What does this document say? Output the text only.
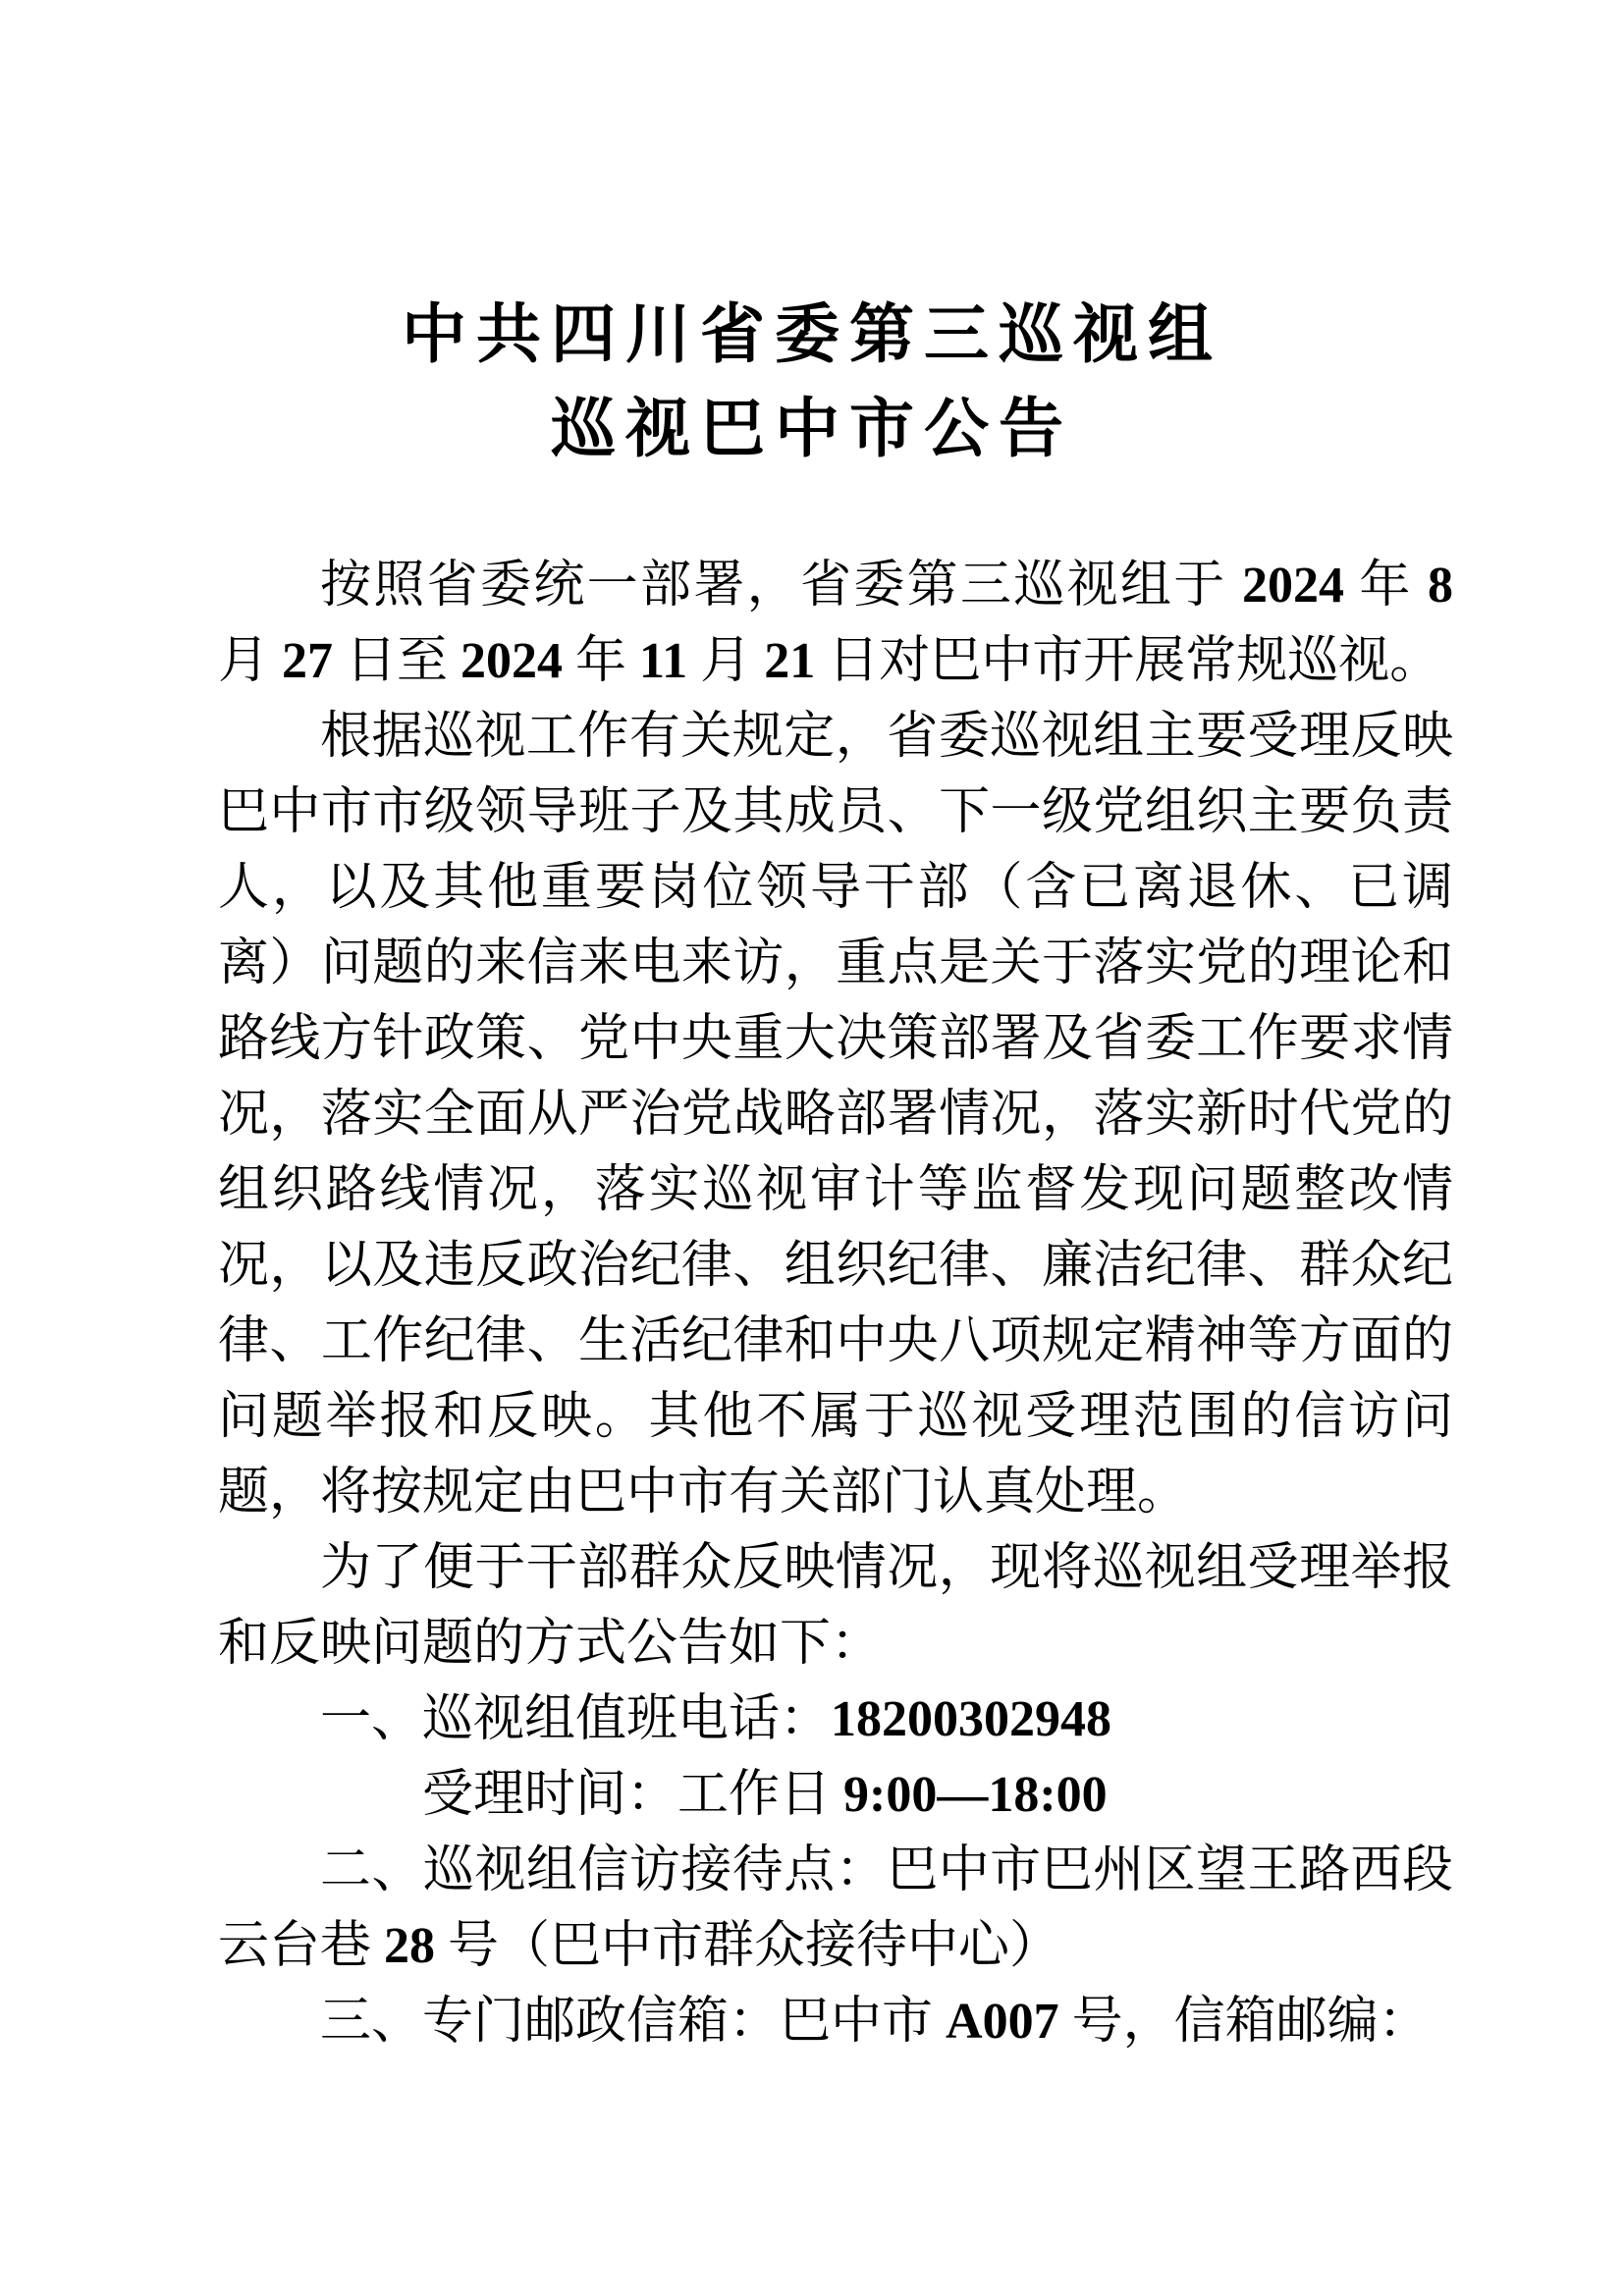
中共四川省委第三巡视组
巡视巴中市公告

按照省委统一部署，省委第三巡视组于 2024 年 8 月 27 日至 2024 年 11 月 21 日对巴中市开展常规巡视。

根据巡视工作有关规定，省委巡视组主要受理反映巴中市市级领导班子及其成员、下一级党组织主要负责人，以及其他重要岗位领导干部（含已离退休、已调离）问题的来信来电来访，重点是关于落实党的理论和路线方针政策、党中央重大决策部署及省委工作要求情况，落实全面从严治党战略部署情况，落实新时代党的组织路线情况，落实巡视审计等监督发现问题整改情况，以及违反政治纪律、组织纪律、廉洁纪律、群众纪律、工作纪律、生活纪律和中央八项规定精神等方面的问题举报和反映。其他不属于巡视受理范围的信访问题，将按规定由巴中市有关部门认真处理。

为了便于干部群众反映情况，现将巡视组受理举报和反映问题的方式公告如下：

一、巡视组值班电话：18200302948

受理时间：工作日 9:00—18:00

二、巡视组信访接待点：巴中市巴州区望王路西段云台巷 28 号（巴中市群众接待中心）

三、专门邮政信箱：巴中市 A007 号，信箱邮编：
